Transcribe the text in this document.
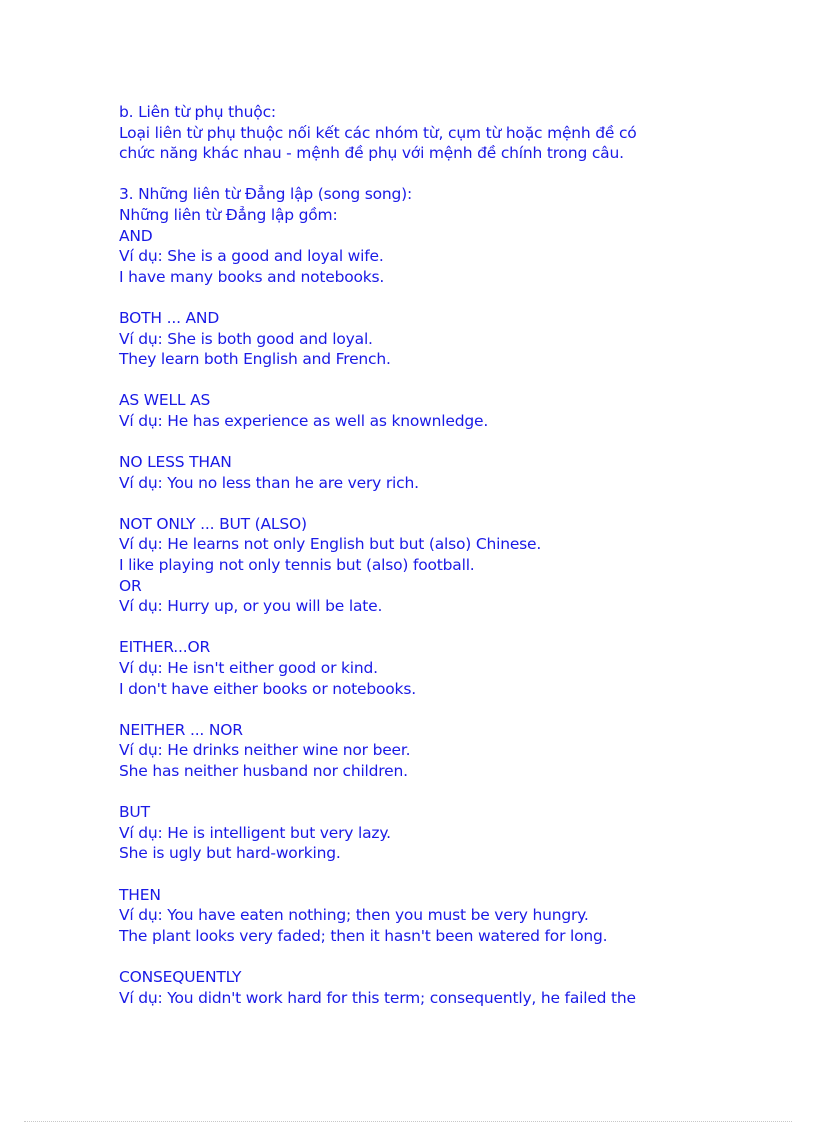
b. Liên từ phụ thuộc:
Loại liên từ phụ thuộc nối kết các nhóm từ, cụm từ hoặc mệnh đề có
chức năng khác nhau - mệnh đề phụ với mệnh đề chính trong câu.
3. Những liên từ Đẳng lập (song song):
Những liên từ Đẳng lập gồm:
AND
Ví dụ: She is a good and loyal wife.
I have many books and notebooks.
BOTH ... AND
Ví dụ: She is both good and loyal.
They learn both English and French.
AS WELL AS
Ví dụ: He has experience as well as knownledge.
NO LESS THAN
Ví dụ: You no less than he are very rich.
NOT ONLY ... BUT (ALSO)
Ví dụ: He learns not only English but but (also) Chinese.
I like playing not only tennis but (also) football.
OR
Ví dụ: Hurry up, or you will be late.
EITHER...OR
Ví dụ: He isn't either good or kind.
I don't have either books or notebooks.
NEITHER ... NOR
Ví dụ: He drinks neither wine nor beer.
She has neither husband nor children.
BUT
Ví dụ: He is intelligent but very lazy.
She is ugly but hard-working.
THEN
Ví dụ: You have eaten nothing; then you must be very hungry.
The plant looks very faded; then it hasn't been watered for long.
CONSEQUENTLY
Ví dụ: You didn't work hard for this term; consequently, he failed the
